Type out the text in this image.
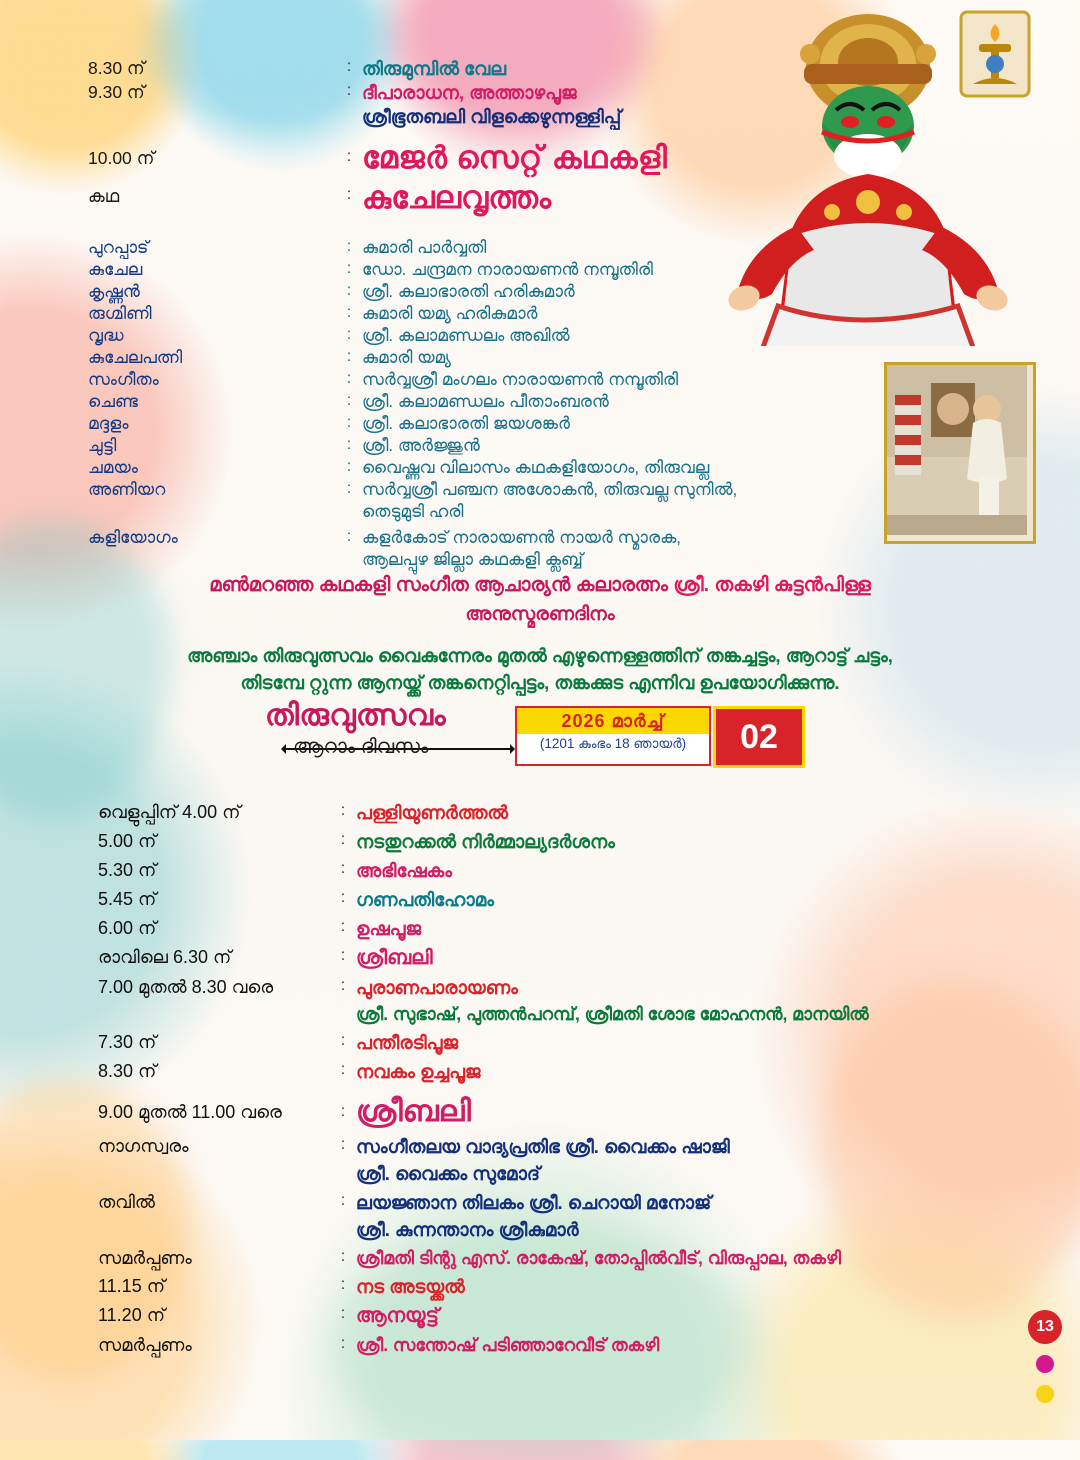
8.30 ന്	: തിരുമുമ്പിൽ വേല
9.30 ന്	: ദീപാരാധന, അത്താഴപൂജ
ശ്രീഭൂതബലി വിളക്കെഴുന്നള്ളിപ്പ്
10.00 ന്	: മേജർ സെറ്റ് കഥകളി
കഥ	: കുചേലവൃത്തം
പുറപ്പാട്	: കുമാരി പാർവ്വതി
കുചേല	: ഡോ. ചന്ദ്രമന നാരായണൻ നമ്പൂതിരി
കൃഷ്ണൻ	: ശ്രീ. കലാഭാരതി ഹരികുമാർ
രുഗ്മിണി	: കുമാരി യമ്യ ഹരികുമാർ
വൃദ്ധ	: ശ്രീ. കലാമണ്ഡലം അഖിൽ
കുചേലപത്നി	: കുമാരി യമ്യ
സംഗീതം	: സർവ്വശ്രീ മംഗലം നാരായണൻ നമ്പൂതിരി
ചെണ്ട	: ശ്രീ. കലാമണ്ഡലം പീതാംബരൻ
മദ്ദളം	: ശ്രീ. കലാഭാരതി ജയശങ്കർ
ചുട്ടി	: ശ്രീ. അർജ്ജുൻ
ചമയം	: വൈഷ്ണവ വിലാസം കഥകളിയോഗം, തിരുവല്ല
അണിയറ	: സർവ്വശ്രീ പഞ്ചന അശോകൻ, തിരുവല്ല സുനിൽ,
തെടുമുടി ഹരി
കളിയോഗം	: കളർകോട് നാരായണൻ നായർ സ്മാരക,
ആലപ്പുഴ ജില്ലാ കഥകളി ക്ലബ്ബ്
മൺമറഞ്ഞ കഥകളി സംഗീത ആചാര്യൻ കലാരത്നം ശ്രീ. തകഴി കുട്ടൻപിള്ള
അനുസ്മരണദിനം
അഞ്ചാം തിരുവുത്സവം വൈകുന്നേരം മുതൽ എഴുന്നെള്ളത്തിന് തങ്കച്ചട്ടം, ആറാട്ട് ചട്ടം,
തിടമ്പേ റ്റുന്ന ആനയ്ക്ക് തങ്കനെറ്റിപ്പട്ടം, തങ്കക്കുട എന്നിവ ഉപയോഗിക്കുന്നു.
തിരുവുത്സവം
ആറാം ദിവസം
2026 മാർച്ച്
(1201 കുംഭം 18 ഞായർ)	02
വെളുപ്പിന് 4.00 ന്	: പള്ളിയുണർത്തൽ
5.00 ന്	: നടതുറക്കൽ നിർമ്മാല്യദർശനം
5.30 ന്	: അഭിഷേകം
5.45 ന്	: ഗണപതിഹോമം
6.00 ന്	: ഉഷപൂജ
രാവിലെ 6.30 ന്	: ശ്രീബലി
7.00 മുതൽ 8.30 വരെ	: പുരാണപാരായണം
ശ്രീ. സുഭാഷ്, പുത്തൻപറമ്പ്, ശ്രീമതി ശോഭ മോഹനൻ, മാനയിൽ
7.30 ന്	: പന്തീരടിപൂജ
8.30 ന്	: നവകം ഉച്ചപൂജ
9.00 മുതൽ 11.00 വരെ	: ശ്രീബലി
നാഗസ്വരം	: സംഗീതലയ വാദ്യപ്രതിഭ ശ്രീ. വൈക്കം ഷാജി
ശ്രീ. വൈക്കം സുമോദ്
തവിൽ	: ലയജ്ഞാന തിലകം ശ്രീ. ചെറായി മനോജ്
ശ്രീ. കുന്നന്താനം ശ്രീകുമാർ
സമർപ്പണം	: ശ്രീമതി ടിന്റു എസ്. രാകേഷ്, തോപ്പിൽവീട്, വിരുപ്പാല, തകഴി
11.15 ന്	: നട അടയ്ക്കൽ
11.20 ന്	: ആനയൂട്ട്
സമർപ്പണം	: ശ്രീ. സന്തോഷ് പടിഞ്ഞാറേവീട് തകഴി
13
